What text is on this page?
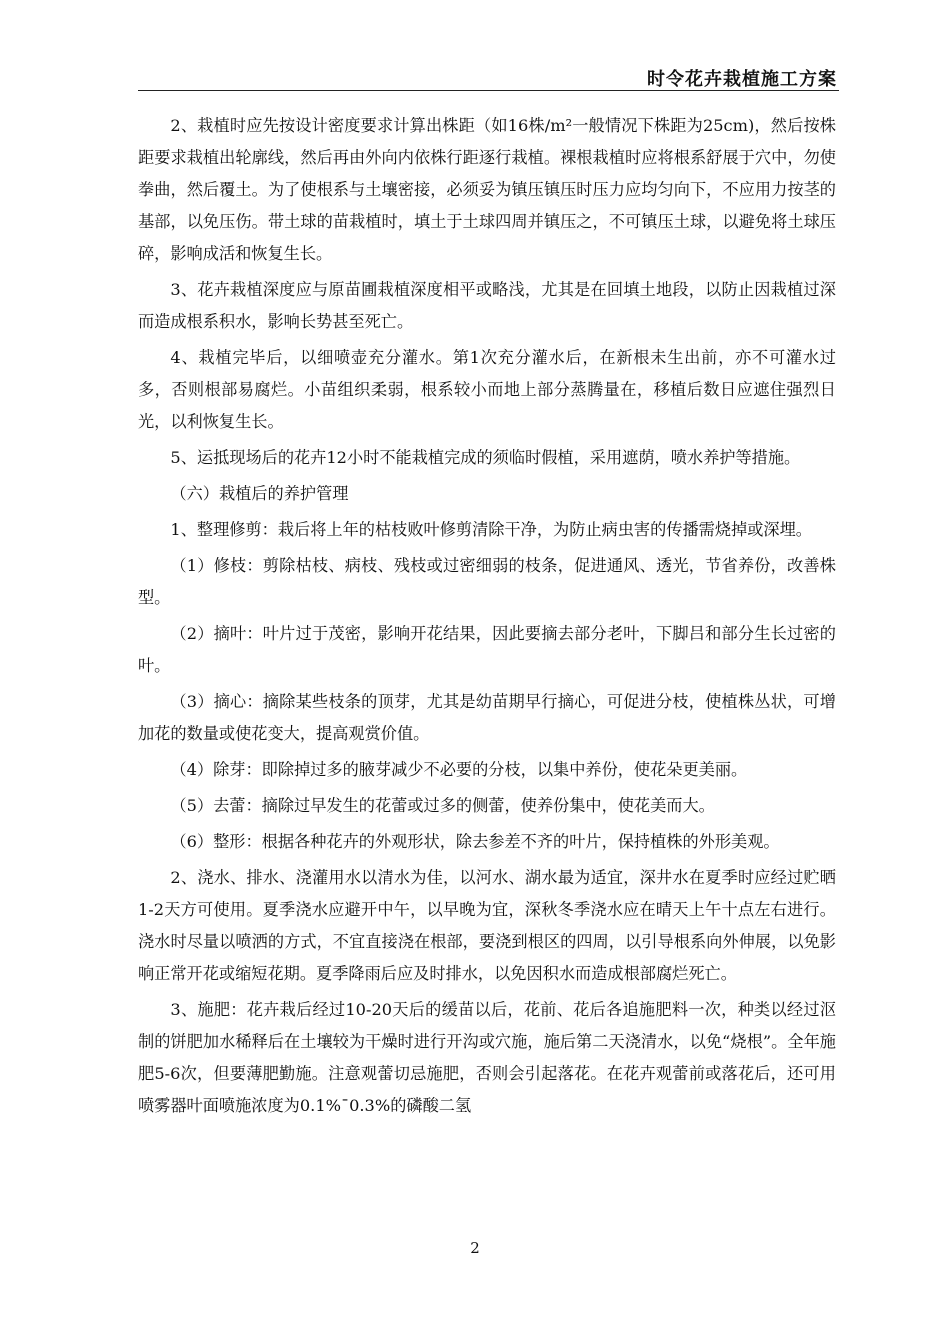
时令花卉栽植施工方案

2、栽植时应先按设计密度要求计算出株距（如16株/m²一般情况下株距为25cm)，然后按株距要求栽植出轮廓线，然后再由外向内依株行距逐行栽植。裸根栽植时应将根系舒展于穴中，勿使拳曲，然后覆土。为了使根系与土壤密接，必须妥为镇压镇压时压力应均匀向下，不应用力按茎的基部，以免压伤。带土球的苗栽植时，填土于土球四周并镇压之，不可镇压土球，以避免将土球压碎，影响成活和恢复生长。

3、花卉栽植深度应与原苗圃栽植深度相平或略浅，尤其是在回填土地段，以防止因栽植过深而造成根系积水，影响长势甚至死亡。

4、栽植完毕后，以细喷壶充分灌水。第1次充分灌水后，在新根未生出前，亦不可灌水过多，否则根部易腐烂。小苗组织柔弱，根系较小而地上部分蒸腾量在，移植后数日应遮住强烈日光，以利恢复生长。

5、运抵现场后的花卉12小时不能栽植完成的须临时假植，采用遮荫，喷水养护等措施。

（六）栽植后的养护管理

1、整理修剪：栽后将上年的枯枝败叶修剪清除干净，为防止病虫害的传播需烧掉或深埋。

（1）修枝：剪除枯枝、病枝、残枝或过密细弱的枝条，促进通风、透光，节省养份，改善株型。

（2）摘叶：叶片过于茂密，影响开花结果，因此要摘去部分老叶，下脚吕和部分生长过密的叶。

（3）摘心：摘除某些枝条的顶芽，尤其是幼苗期早行摘心，可促进分枝，使植株丛状，可增加花的数量或使花变大，提高观赏价值。

（4）除芽：即除掉过多的腋芽减少不必要的分枝，以集中养份，使花朵更美丽。

（5）去蕾：摘除过早发生的花蕾或过多的侧蕾，使养份集中，使花美而大。

（6）整形：根据各种花卉的外观形状，除去参差不齐的叶片，保持植株的外形美观。

2、浇水、排水、浇灌用水以清水为佳，以河水、湖水最为适宜，深井水在夏季时应经过贮晒1-2天方可使用。夏季浇水应避开中午，以早晚为宜，深秋冬季浇水应在晴天上午十点左右进行。浇水时尽量以喷洒的方式，不宜直接浇在根部，要浇到根区的四周，以引导根系向外伸展，以免影响正常开花或缩短花期。夏季降雨后应及时排水，以免因积水而造成根部腐烂死亡。

3、施肥：花卉栽后经过10-20天后的缓苗以后，花前、花后各追施肥料一次，种类以经过沤制的饼肥加水稀释后在土壤较为干燥时进行开沟或穴施，施后第二天浇清水，以免“烧根”。全年施肥5-6次，但要薄肥勤施。注意观蕾切忌施肥，否则会引起落花。在花卉观蕾前或落花后，还可用喷雾器叶面喷施浓度为0.1%¯0.3%的磷酸二氢

2
